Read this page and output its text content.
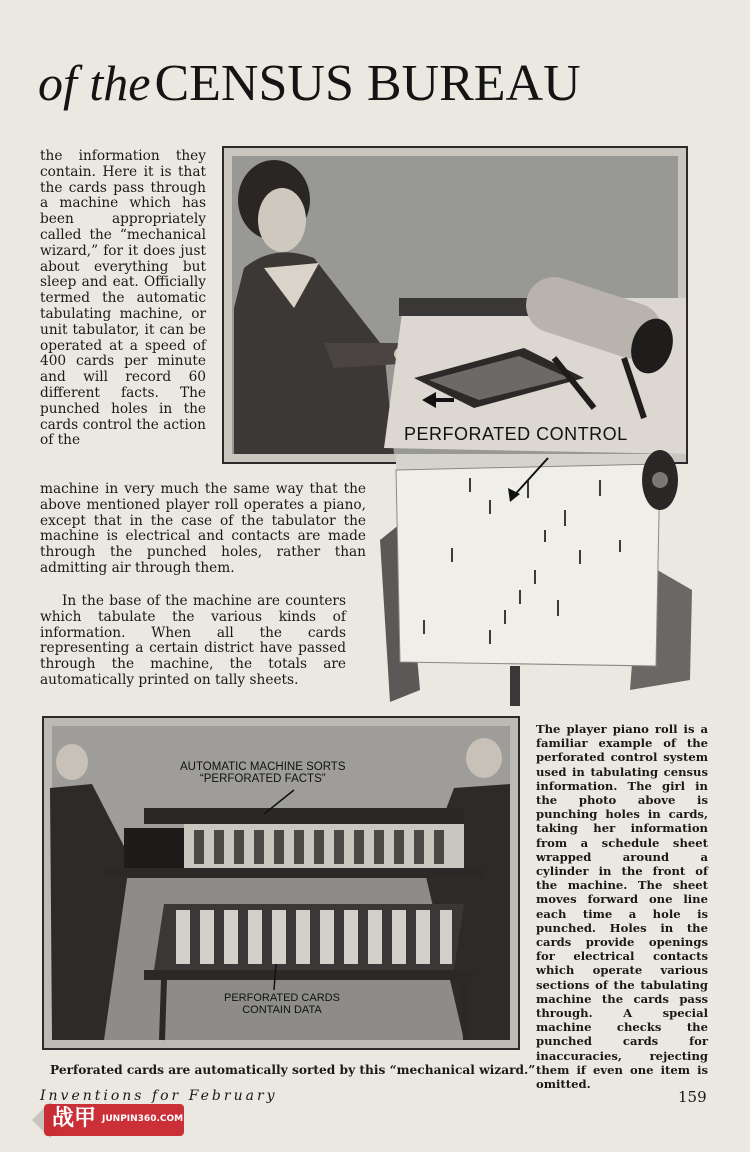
of the CENSUS BUREAU
PERFORATED CONTROL

the information they contain. Here it is that the cards pass through a machine which has been appropriately called the “mechanical wizard,” for it does just about everything but sleep and eat. Officially termed the automatic tabulating machine, or unit tabulator, it can be operated at a speed of 400 cards per minute and will record 60 different facts. The punched holes in the cards control the action of the

machine in very much the same way that the above mentioned player roll operates a piano, except that in the case of the tabulator the machine is electrical and contacts are made through the punched holes, rather than admitting air through them.

In the base of the machine are counters which tabulate the various kinds of information. When all the cards representing a certain district have passed through the machine, the totals are automatically printed on tally sheets.

AUTOMATIC MACHINE SORTS
“PERFORATED FACTS”
PERFORATED CARDS
CONTAIN DATA

The player piano roll is a familiar example of the perforated control system used in tabulating census information. The girl in the photo above is punching holes in cards, taking her information from a schedule sheet wrapped around a cylinder in the front of the machine. The sheet moves forward one line each time a hole is punched. Holes in the cards provide openings for electrical contacts which operate various sections of the tabulating machine the cards pass through. A special machine checks the punched cards for inaccuracies, rejecting them if even one item is omitted.

Perforated cards are automatically sorted by this “mechanical wizard.”
Inventions for February	159
战甲 JUNPIN360.COM
